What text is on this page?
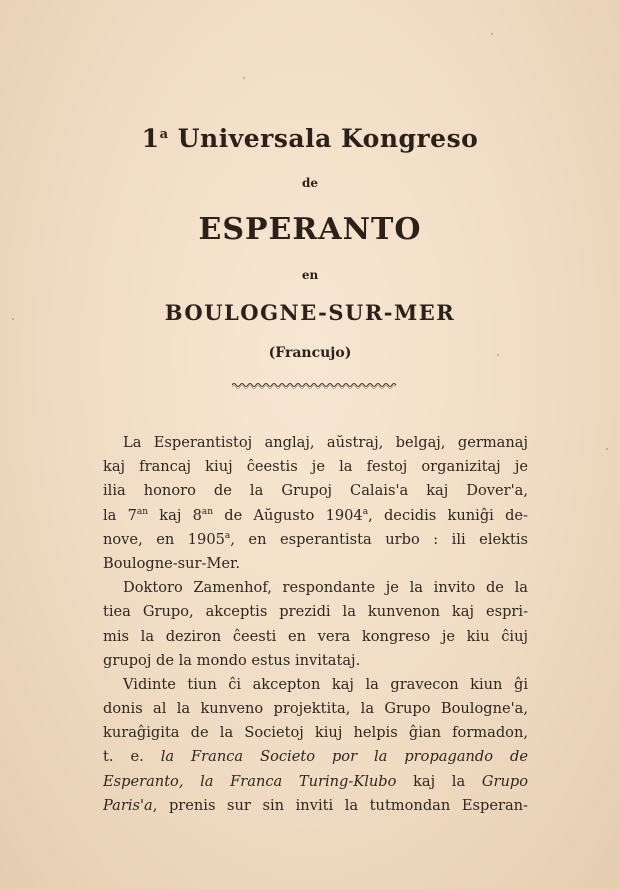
1$^a$ Universala Kongreso
de
ESPERANTO
en
BOULOGNE-SUR-MER
(Francujo)
La Esperantistoj anglaj, aŭstraj, belgaj, germanaj
kaj francaj kiuj ĉeestis je la festoj organizitaj je
ilia honoro de la Grupoj Calais'a kaj Dover'a,
la $7^{an}$ kaj $8^{an}$ de Aŭgusto 1904$^a$, decidis kuniĝi de-
nove, en 1905$^a$, en esperantista urbo : ili elektis
Boulogne-sur-Mer.
Doktoro Zamenhof, respondante je la invito de la
tiea Grupo, akceptis prezidi la kunvenon kaj espri-
mis la deziron ĉeesti en vera kongreso je kiu ĉiuj
grupoj de la mondo estus invitataj.
Vidinte tiun ĉi akcepton kaj la gravecon kiun ĝi
donis al la kunveno projektita, la Grupo Boulogne'a,
kuraĝigita de la Societoj kiuj helpis ĝian formadon,
t. e. la Franca Societo por la propagando de
Esperanto, la Franca Turing-Klubo kaj la Grupo
Paris'a, prenis sur sin inviti la tutmondan Esperan-
